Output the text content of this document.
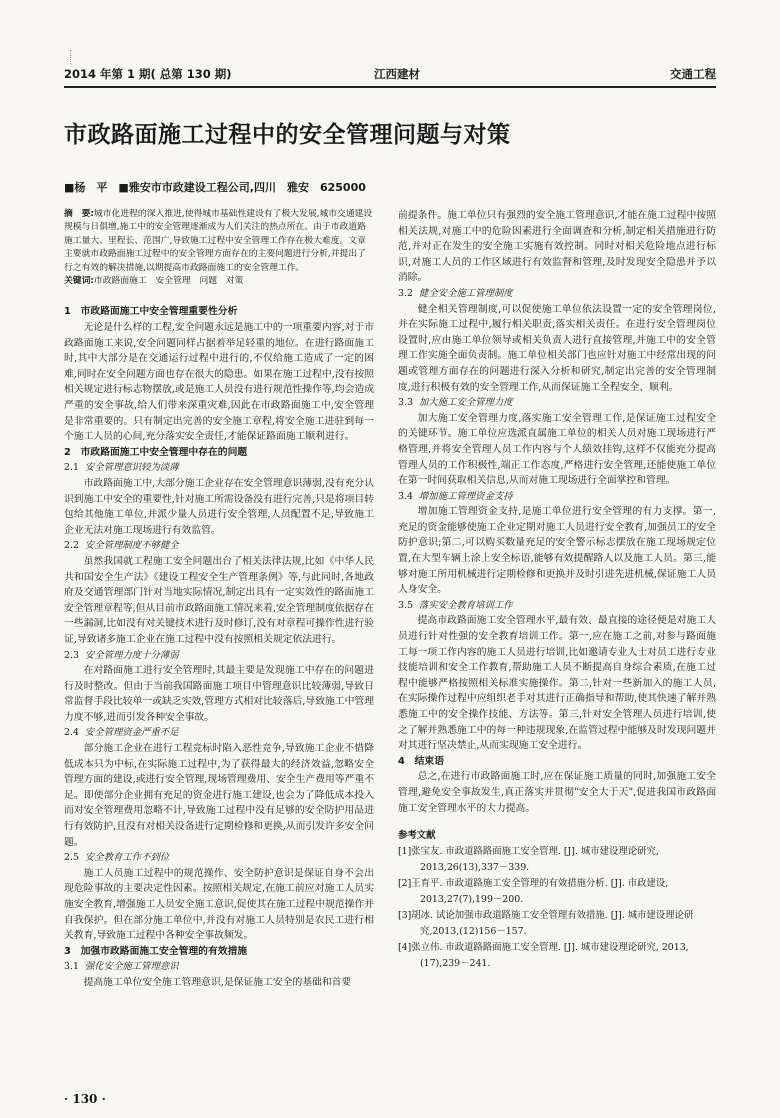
2014 年第 1 期( 总第 130 期)	江西建材	交通工程
市政路面施工过程中的安全管理问题与对策
■杨　平　■雅安市市政建设工程公司,四川　雅安　625000
摘　要:城市化进程的深入推进,使得城市基础性建设有了极大发展,城市交通建设规模与日俱增,施工中的安全管理逐渐成为人们关注的热点所在。由于市政道路施工量大、里程长、范围广,导致施工过程中安全管理工作存在极大难度。文章主要就市政路面施工过程中的安全管理方面存在的主要问题进行分析,并提出了行之有效的解决措施,以期提高市政路面施工的安全管理工作。
关键词:市政路面施工　安全管理　问题　对策

1　市政路面施工中安全管理重要性分析

无论是什么样的工程,安全问题永远是施工中的一项重要内容,对于市政路面施工来说,安全问题同样占据着举足轻重的地位。在进行路面施工时,其中大部分是在交通运行过程中进行的,不仅给施工造成了一定的困难,同时在安全问题方面也存在很大的隐患。如果在施工过程中,没有按照相关规定进行标志物摆放,或是施工人员没有进行规范性操作等,均会造成严重的安全事故,给人们带来深重灾难,因此在市政路面施工中,安全管理是非常重要的。只有制定出完善的安全施工章程,将安全施工进驻到每一个施工人员的心间,充分落实安全责任,才能保证路面施工顺利进行。

2　市政路面施工中安全管理中存在的问题

2.1 安全管理意识较为淡薄

市政路面施工中,大部分施工企业存在安全管理意识薄弱,没有充分认识到施工中安全的重要性,针对施工所需设备没有进行完善,只是将项目转包给其他施工单位,并派少量人员进行安全管理,人员配置不足,导致施工企业无法对施工现场进行有效监管。

2.2 安全管理制度不够健全

虽然我国就工程施工安全问题出台了相关法律法规,比如《中华人民共和国安全生产法》《建设工程安全生产管理条例》等,与此同时,各地政府及交通管理部门针对当地实际情况,制定出具有一定实效性的路面施工安全管理章程等,但从目前市政路面施工情况来看,安全管理制度依据存在一些漏洞,比如没有对关键技术进行及时修订,没有对章程可操作性进行验证,导致诸多施工企业在施工过程中没有按照相关规定依法进行。

2.3 安全管理力度十分薄弱

在对路面施工进行安全管理时,其最主要是发现施工中存在的问题进行及时整改。但由于当前我国路面施工项目中管理意识比较薄弱,导致日常监督手段比较单一或缺乏实效,管理方式相对比较落后,导致施工中管理力度不够,进而引发各种安全事故。

2.4 安全管理资金严重不足

部分施工企业在进行工程竞标时陷入恶性竞争,导致施工企业不惜降低成本只为中标,在实际施工过程中,为了获得最大的经济效益,忽略安全管理方面的建设,或进行安全管理,现场管理费用、安全生产费用等严重不足。即使部分企业拥有充足的资金进行施工建设,也会为了降低成本投入而对安全管理费用忽略不计,导致施工过程中没有足够的安全防护用品进行有效防护,且没有对相关设备进行定期检修和更换,从而引发许多安全问题。

2.5 安全教育工作不到位

施工人员施工过程中的规范操作、安全防护意识是保证自身不会出现危险事故的主要决定性因素。按照相关规定,在施工前应对施工人员实施安全教育,增强施工人员安全施工意识,促使其在施工过程中规范操作并自我保护。但在部分施工单位中,并没有对施工人员特别是农民工进行相关教育,导致施工过程中各种安全事故频发。

3　加强市政路面施工安全管理的有效措施

3.1 强化安全施工管理意识

提高施工单位安全施工管理意识,是保证施工安全的基础和首要

前提条件。施工单位只有强烈的安全施工管理意识,才能在施工过程中按照相关法规,对施工中的危险因素进行全面调查和分析,制定相关措施进行防范,并对正在发生的安全施工实施有效控制。同时对相关危险地点进行标识,对施工人员的工作区域进行有效监督和管理,及时发现安全隐患并予以消除。

3.2 健全安全施工管理制度

健全相关管理制度,可以促使施工单位依法设置一定的安全管理岗位,并在实际施工过程中,履行相关职责,落实相关责任。在进行安全管理岗位设置时,应由施工单位领导或相关负责人进行直接管理,并施工中的安全管理工作实施全面负责制。施工单位相关部门也应针对施工中经常出现的问题或管理方面存在的问题进行深入分析和研究,制定出完善的安全管理制度,进行积极有效的安全管理工作,从而保证施工全程安全、顺利。

3.3 加大施工安全管理力度

加大施工安全管理力度,落实施工安全管理工作,是保证施工过程安全的关键环节。施工单位应选派直属施工单位的相关人员对施工现场进行严格管理,并将安全管理人员工作内容与个人绩效挂钩,这样不仅能充分提高管理人员的工作积极性,端正工作态度,严格进行安全管理,还能使施工单位在第一时间获取相关信息,从而对施工现场进行全面掌控和管理。

3.4 增加施工管理资金支持

增加施工管理资金支持,是施工单位进行安全管理的有力支撑。第一,充足的资金能够使施工企业定期对施工人员进行安全教育,加强员工的安全防护意识;第二,可以购买数量充足的安全警示标志摆放在施工现场规定位置,在大型车辆上涂上安全标语,能够有效提醒路人以及施工人员。第三,能够对施工所用机械进行定期检修和更换并及时引进先进机械,保证施工人员人身安全。

3.5 落实安全教育培训工作

提高市政路面施工安全管理水平,最有效、最直接的途径便是对施工人员进行针对性强的安全教育培训工作。第一,应在施工之前,对参与路面施工每一项工作内容的施工人员进行培训,比如邀请专业人士对员工进行专业技能培训和安全工作教育,帮助施工人员不断提高自身综合素质,在施工过程中能够严格按照相关标准实施操作。第二,针对一些新加入的施工人员,在实际操作过程中应组织老手对其进行正确指导和帮助,使其快速了解并熟悉施工中的安全操作技能、方法等。第三,针对安全管理人员进行培训,使之了解并熟悉施工中的每一种违规现象,在监管过程中能够及时发现问题并对其进行坚决禁止,从而实现施工安全进行。

4　结束语

总之,在进行市政路面施工时,应在保证施工质量的同时,加强施工安全管理,避免安全事故发生,真正落实并贯彻"安全大于天",促进我国市政路面施工安全管理水平的大力提高。

参考文献

[1]张宝友. 市政道路路面施工安全管理. [J]. 城市建设理论研究, 2013,26(13),337－339.

[2]王育平. 市政道路施工安全管理的有效措施分析. [J]. 市政建设, 2013,27(7),199－200.

[3]胡冰. 试论加强市政道路施工安全管理有效措施. [J]. 城市建设理论研究,2013,(12)156－157.

[4]张立伟. 市政道路路面施工安全管理. [J]. 城市建设理论研究, 2013,(17),239－241.

· 130 ·
